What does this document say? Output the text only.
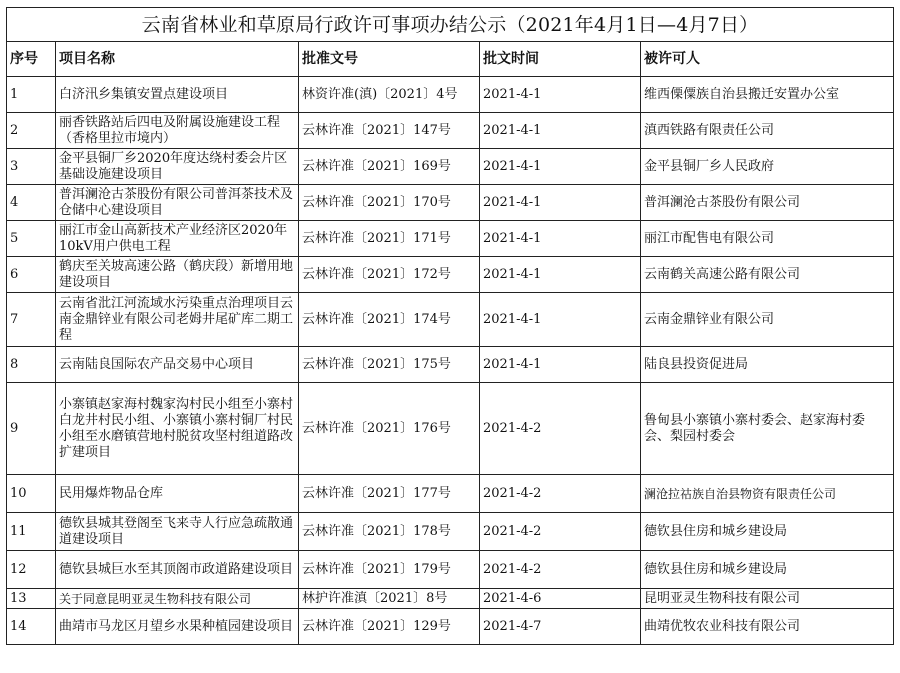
云南省林业和草原局行政许可事项办结公示（2021年4月1日—4月7日）				
序号	项目名称	批准文号	批文时间	被许可人
1	白济汛乡集镇安置点建设项目	林资许准(滇)〔2021〕4号	2021-4-1	维西傈僳族自治县搬迁安置办公室
2	丽香铁路站后四电及附属设施建设工程（香格里拉市境内）	云林许准〔2021〕147号	2021-4-1	滇西铁路有限责任公司
3	金平县铜厂乡2020年度达绕村委会片区基础设施建设项目	云林许准〔2021〕169号	2021-4-1	金平县铜厂乡人民政府
4	普洱澜沧古茶股份有限公司普洱茶技术及仓储中心建设项目	云林许准〔2021〕170号	2021-4-1	普洱澜沧古茶股份有限公司
5	丽江市金山高新技术产业经济区2020年10kV用户供电工程	云林许准〔2021〕171号	2021-4-1	丽江市配售电有限公司
6	鹤庆至关坡高速公路（鹤庆段）新增用地建设项目	云林许准〔2021〕172号	2021-4-1	云南鹤关高速公路有限公司
7	云南省沘江河流域水污染重点治理项目云南金鼎锌业有限公司老姆井尾矿库二期工程	云林许准〔2021〕174号	2021-4-1	云南金鼎锌业有限公司
8	云南陆良国际农产品交易中心项目	云林许准〔2021〕175号	2021-4-1	陆良县投资促进局
9	小寨镇赵家海村魏家沟村民小组至小寨村白龙井村民小组、小寨镇小寨村铜厂村民小组至水磨镇营地村脱贫攻坚村组道路改扩建项目	云林许准〔2021〕176号	2021-4-2	鲁甸县小寨镇小寨村委会、赵家海村委会、梨园村委会
10	民用爆炸物品仓库	云林许准〔2021〕177号	2021-4-2	澜沧拉祜族自治县物资有限责任公司
11	德钦县城其登阁至飞来寺人行应急疏散通道建设项目	云林许准〔2021〕178号	2021-4-2	德钦县住房和城乡建设局
12	德钦县城巨水至其顶阁市政道路建设项目	云林许准〔2021〕179号	2021-4-2	德钦县住房和城乡建设局
13	关于同意昆明亚灵生物科技有限公司	林护许准滇〔2021〕8号	2021-4-6	昆明亚灵生物科技有限公司
14	曲靖市马龙区月望乡水果种植园建设项目	云林许准〔2021〕129号	2021-4-7	曲靖优牧农业科技有限公司
